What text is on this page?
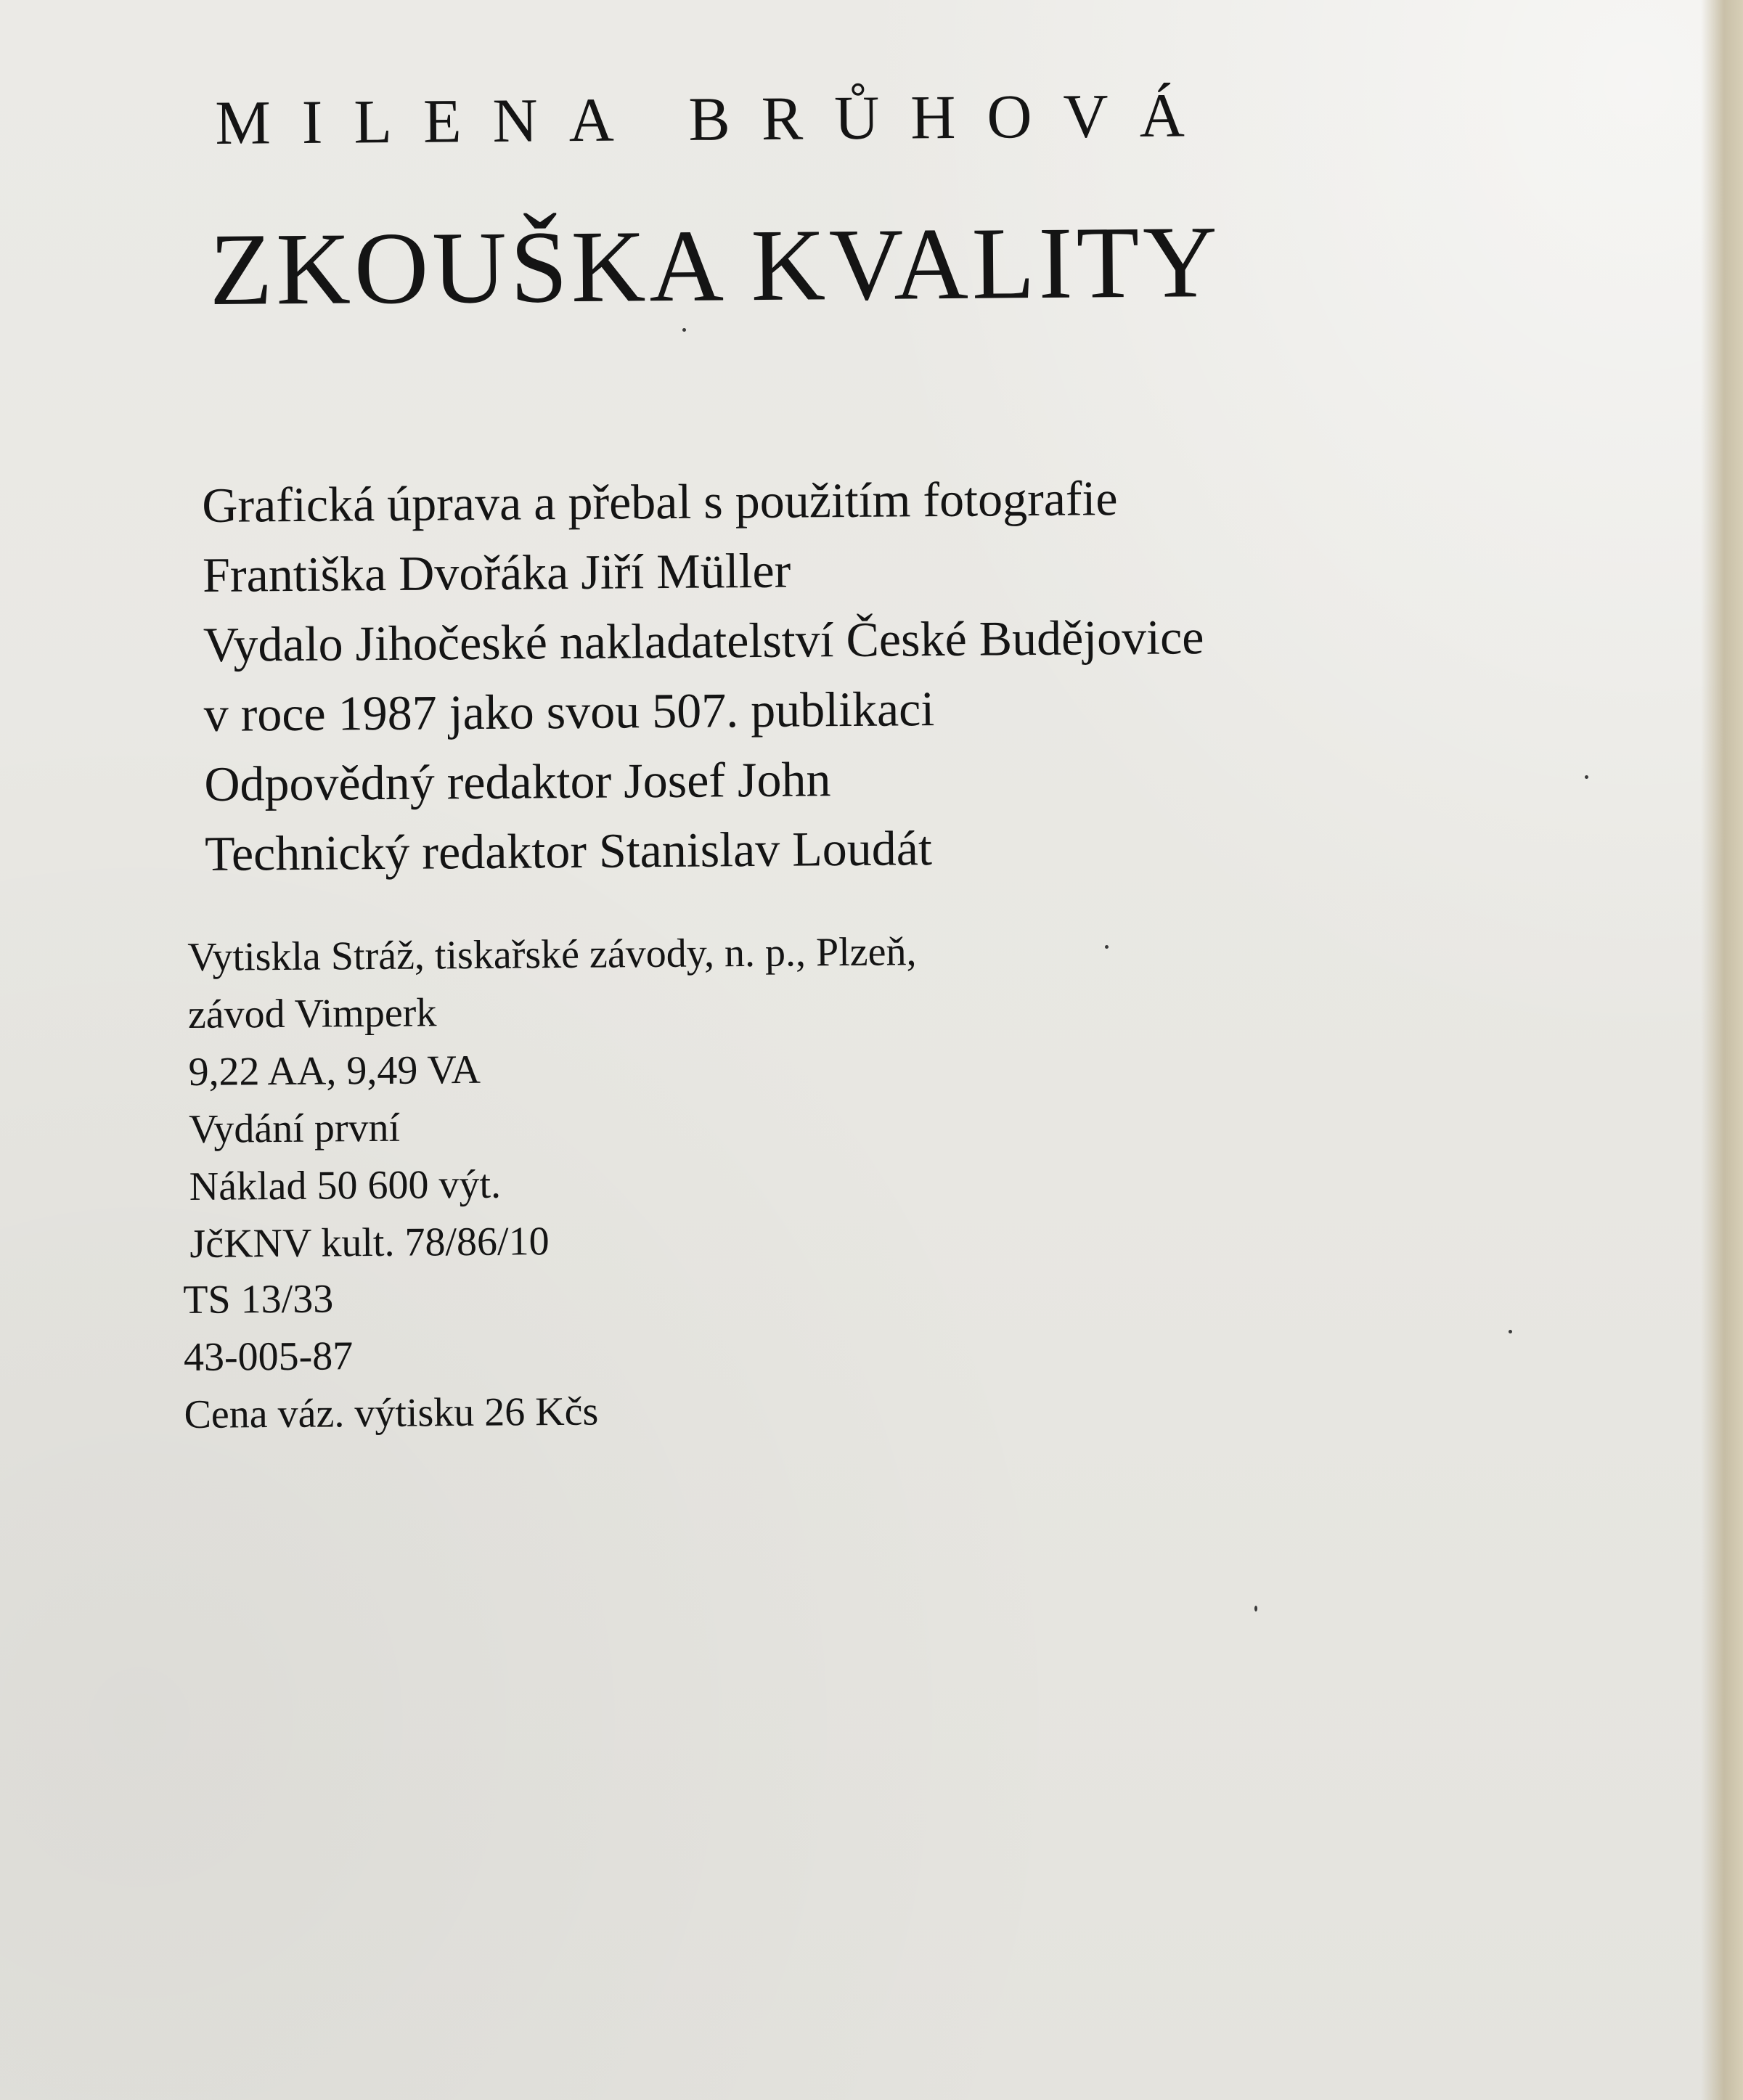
MILENA BRŮHOVÁ
ZKOUŠKA KVALITY
Grafická úprava a přebal s použitím fotografie
Františka Dvořáka Jiří Müller
Vydalo Jihočeské nakladatelství České Budějovice
v roce 1987 jako svou 507. publikaci
Odpovědný redaktor Josef John
Technický redaktor Stanislav Loudát
Vytiskla Stráž, tiskařské závody, n. p., Plzeň,
závod Vimperk
9,22 AA, 9,49 VA
Vydání první
Náklad 50 600 výt.
JčKNV kult. 78/86/10
TS 13/33
43-005-87
Cena váz. výtisku 26 Kčs
